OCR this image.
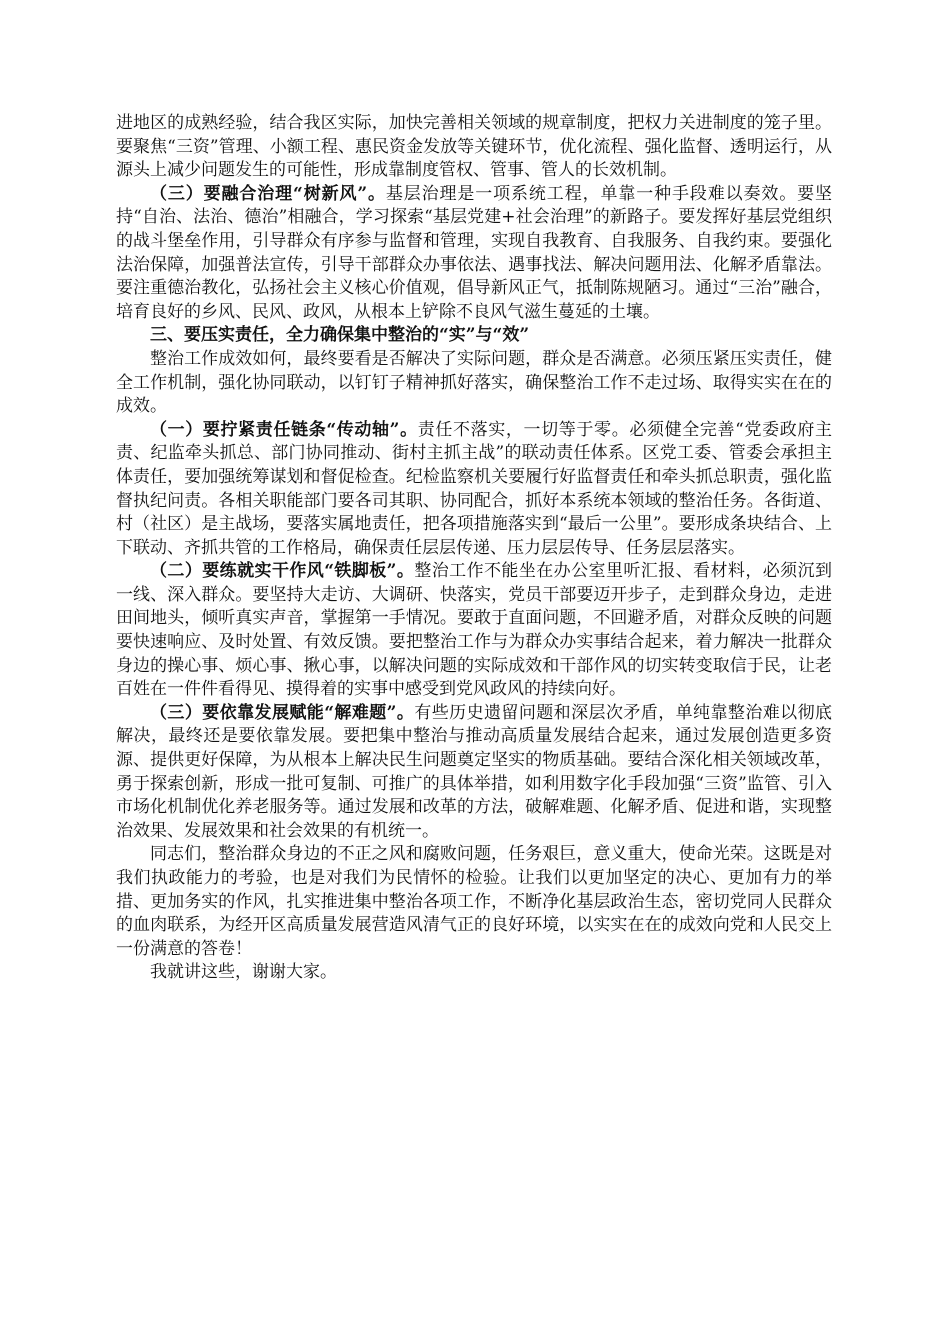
进地区的成熟经验，结合我区实际，加快完善相关领域的规章制度，把权力关进制度的笼子里。要聚焦“三资”管理、小额工程、惠民资金发放等关键环节，优化流程、强化监督、透明运行，从源头上减少问题发生的可能性，形成靠制度管权、管事、管人的长效机制。

（三）要融合治理“树新风”。基层治理是一项系统工程，单靠一种手段难以奏效。要坚持“自治、法治、德治”相融合，学习探索“基层党建+社会治理”的新路子。要发挥好基层党组织的战斗堡垒作用，引导群众有序参与监督和管理，实现自我教育、自我服务、自我约束。要强化法治保障，加强普法宣传，引导干部群众办事依法、遇事找法、解决问题用法、化解矛盾靠法。要注重德治教化，弘扬社会主义核心价值观，倡导新风正气，抵制陈规陋习。通过“三治”融合，培育良好的乡风、民风、政风，从根本上铲除不良风气滋生蔓延的土壤。

三、要压实责任，全力确保集中整治的“实”与“效”

整治工作成效如何，最终要看是否解决了实际问题，群众是否满意。必须压紧压实责任，健全工作机制，强化协同联动，以钉钉子精神抓好落实，确保整治工作不走过场、取得实实在在的成效。

（一）要拧紧责任链条“传动轴”。责任不落实，一切等于零。必须健全完善“党委政府主责、纪监牵头抓总、部门协同推动、街村主抓主战”的联动责任体系。区党工委、管委会承担主体责任，要加强统筹谋划和督促检查。纪检监察机关要履行好监督责任和牵头抓总职责，强化监督执纪问责。各相关职能部门要各司其职、协同配合，抓好本系统本领域的整治任务。各街道、村（社区）是主战场，要落实属地责任，把各项措施落实到“最后一公里”。要形成条块结合、上下联动、齐抓共管的工作格局，确保责任层层传递、压力层层传导、任务层层落实。

（二）要练就实干作风“铁脚板”。整治工作不能坐在办公室里听汇报、看材料，必须沉到一线、深入群众。要坚持大走访、大调研、快落实，党员干部要迈开步子，走到群众身边，走进田间地头，倾听真实声音，掌握第一手情况。要敢于直面问题，不回避矛盾，对群众反映的问题要快速响应、及时处置、有效反馈。要把整治工作与为群众办实事结合起来，着力解决一批群众身边的操心事、烦心事、揪心事，以解决问题的实际成效和干部作风的切实转变取信于民，让老百姓在一件件看得见、摸得着的实事中感受到党风政风的持续向好。

（三）要依靠发展赋能“解难题”。有些历史遗留问题和深层次矛盾，单纯靠整治难以彻底解决，最终还是要依靠发展。要把集中整治与推动高质量发展结合起来，通过发展创造更多资源、提供更好保障，为从根本上解决民生问题奠定坚实的物质基础。要结合深化相关领域改革，勇于探索创新，形成一批可复制、可推广的具体举措，如利用数字化手段加强“三资”监管、引入市场化机制优化养老服务等。通过发展和改革的方法，破解难题、化解矛盾、促进和谐，实现整治效果、发展效果和社会效果的有机统一。

同志们，整治群众身边的不正之风和腐败问题，任务艰巨，意义重大，使命光荣。这既是对我们执政能力的考验，也是对我们为民情怀的检验。让我们以更加坚定的决心、更加有力的举措、更加务实的作风，扎实推进集中整治各项工作，不断净化基层政治生态，密切党同人民群众的血肉联系，为经开区高质量发展营造风清气正的良好环境，以实实在在的成效向党和人民交上一份满意的答卷！

我就讲这些，谢谢大家。
